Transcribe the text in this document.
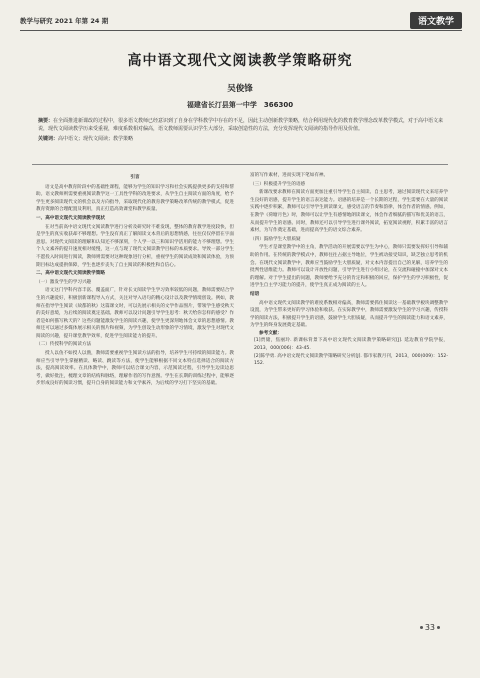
教学与研究 2021 年第 24 期	语文教学
高中语文现代文阅读教学策略研究
吴俊锋
福建省长汀县第一中学　366300

摘要：在全面推进新课改的过程中，很多语文教师已经意识到了自身在学科教学中存在的不足，因此主动创新教学策略，结合利用现代化的教育教学理念改革教学模式，对于高中语文来说，现代文阅读教学历来受重视，难度系数相对偏高，语文教师需要认识学生大部分，采取创造性的方法，充分发挥现代文阅读的指导作用及价值。

关键词：高中语文；现代文阅读；教学策略

引言

语文是高中教育阶段中的基础性课程，能够为学生的知识学习和社会实践提供更多的支持和帮助。语文教师则需要重视阅读教学这一工具性学科的改进要求，从学生自主阅读方面的角度，给予学生更多阅读现代文的机会以及方向指导，采取现代化的教育教学策略改革传统的教学模式，促进教育资源的合理配置及利用，真正打造高效课堂和教学质量。

一、高中语文现代文阅读教学现状

在对当前高中语文现代文阅读教学进行分析及研究时不难发现，整体的教育教学进度较快，但是学生的真实收获却不够理想。学生没有真正了解阅读文本背后的思想情感，往往仅仅停留在字面意思。对现代文阅读的理解和认知还不够深刻，个人学一以三和知识学活用的能力不够理想。学生个人文素养的提升速度相对缓慢，这一点与现了现代文阅读教学目标的本质要求。导致一部分学生不愿投入时间进行阅读，教师则需要对这种现象进行分析，重视学生的阅读成效和阅读体验，为预期目标达成提供保障，学生也逐步丧失了自主阅读的积极性和自信心。

二、高中语文现代文阅读教学策略

（一）激发学生的学习兴趣

语文这门学科内容丰富、覆盖面广，针对长文阅读学生学习效率较低的问题，教师需要结合学生的兴趣爱好，积极创新课程导入方式，关注对导入语句的精心设计以及教学情境创设。例如，教师在指导学生阅读《故都的秋》这篇课文时，可以先展示相关的文学作品图片，带领学生感受秋天的美好意境，为后续的阅读奠定基础。教师可以设计问题引导学生思考：秋天给你怎样的感受？作者是如何描写秋天的？这些问题能激发学生的阅读兴趣，使学生更深刻地体会文章的思想感情。教师还可以通过多媒体展示相关的图片和视频，为学生创设生动形象的学习情境，激发学生对现代文阅读的兴趣，提升课堂教学效率，促进学生阅读能力的提升。

（二）传授科学的阅读方法

授人以鱼不如授人以渔，教师需要重视学生阅读方法的指导，培养学生可持续的阅读能力。教师应当引导学生掌握精读、略读、跳读等方法，使学生能够根据不同文本特点选择适合的阅读方法，提高阅读效率。在具体教学中，教师可以结合课文内容，示范阅读过程，引导学生边读边思考，做好批注，梳理文章的结构和脉络，理解作者的写作意图。学生在长期的训练过程中，能够逐步形成良好的阅读习惯，提升自身的阅读能力和文学素养，为后续的学习打下坚实的基础。

富的写作素材，进而实现下笔如有神。

（三）积极提升学生的语感

新课改要求教师在阅读方面更加注重引导学生自主阅读、自主思考，通过阅读现代文来培养学生良好的语感，提升学生的语言表达能力。语感的培养是一个长期的过程，学生需要在大量的阅读实践中逐步积累，教师可以引导学生朗读课文，感受语言的节奏和韵律，体会作者的情感。例如，在教学《荷塘月色》时，教师可以让学生有感情地朗读课文，体会作者细腻的描写和优美的语言，从而提升学生的语感。同时，教师还可以引导学生进行课外阅读，拓宽阅读视野，积累丰富的语言素材，为写作奠定基础，进而提高学生的语文综合素养。

（四）鼓励学生大胆质疑

学生才是课堂教学中的主角，教学活动的开展需要以学生为中心，教师只需要发挥好引导和辅助的作用。在传统的教学模式中，教师往往占据主导地位，学生被动接受知识，缺乏独立思考的机会。在现代文阅读教学中，教师应当鼓励学生大胆质疑，对文本内容提出自己的见解，培养学生的批判性思维能力。教师可以设计开放性问题，引导学生进行小组讨论，在交流和碰撞中加深对文本的理解。对于学生提出的问题，教师要给予充分的肯定和积极的回应，保护学生的学习积极性，促进学生自主学习能力的提升，使学生真正成为阅读的主人。

结语

高中语文现代文阅读教学的难度系数相对偏高，教师需要抓住阅读这一基础教学板块调整教学设置，为学生带来更好的学习体验和收获。在实际教学中，教师需要激发学生的学习兴趣，传授科学的阅读方法，积极提升学生的语感，鼓励学生大胆质疑，从而提升学生的阅读能力和语文素养，为学生的终身发展奠定基础。

参考文献：

[1]贾储，焦丽玲. 新课标背景下高中语文现代文阅读教学策略研究[J]. 延边教育学院学报，2013，000(006)：43-45.

[2]陈学勇. 高中语文现代文阅读教学策略研究分析[J]. 都市家教月刊，2013，000(009)：152-152.

33
